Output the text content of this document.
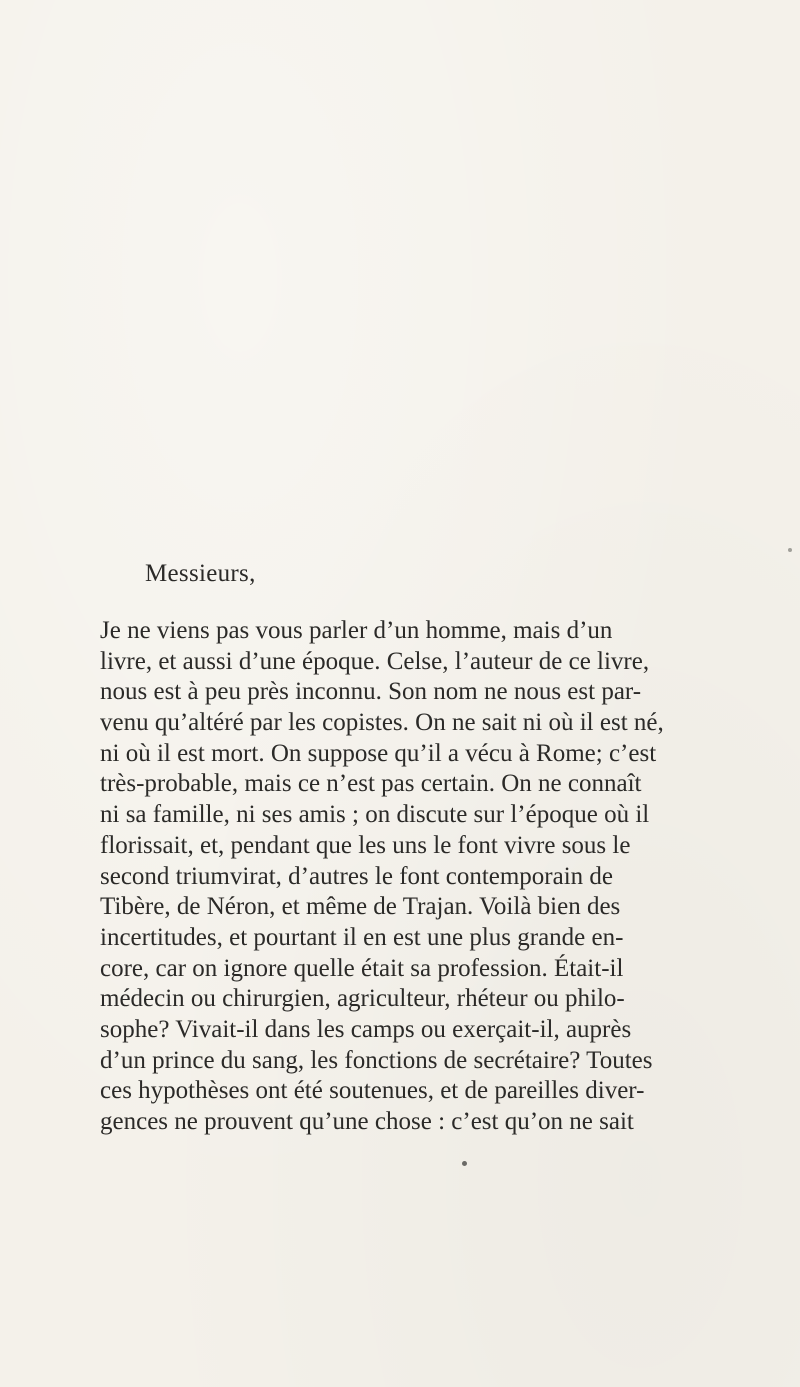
Messieurs,

Je ne viens pas vous parler d’un homme, mais d’un
livre, et aussi d’une époque. Celse, l’auteur de ce livre,
nous est à peu près inconnu. Son nom ne nous est par-
venu qu’altéré par les copistes. On ne sait ni où il est né,
ni où il est mort. On suppose qu’il a vécu à Rome; c’est
très-probable, mais ce n’est pas certain. On ne connaît
ni sa famille, ni ses amis ; on discute sur l’époque où il
florissait, et, pendant que les uns le font vivre sous le
second triumvirat, d’autres le font contemporain de
Tibère, de Néron, et même de Trajan. Voilà bien des
incertitudes, et pourtant il en est une plus grande en-
core, car on ignore quelle était sa profession. Était-il
médecin ou chirurgien, agriculteur, rhéteur ou philo-
sophe? Vivait-il dans les camps ou exerçait-il, auprès
d’un prince du sang, les fonctions de secrétaire? Toutes
ces hypothèses ont été soutenues, et de pareilles diver-
gences ne prouvent qu’une chose : c’est qu’on ne sait
